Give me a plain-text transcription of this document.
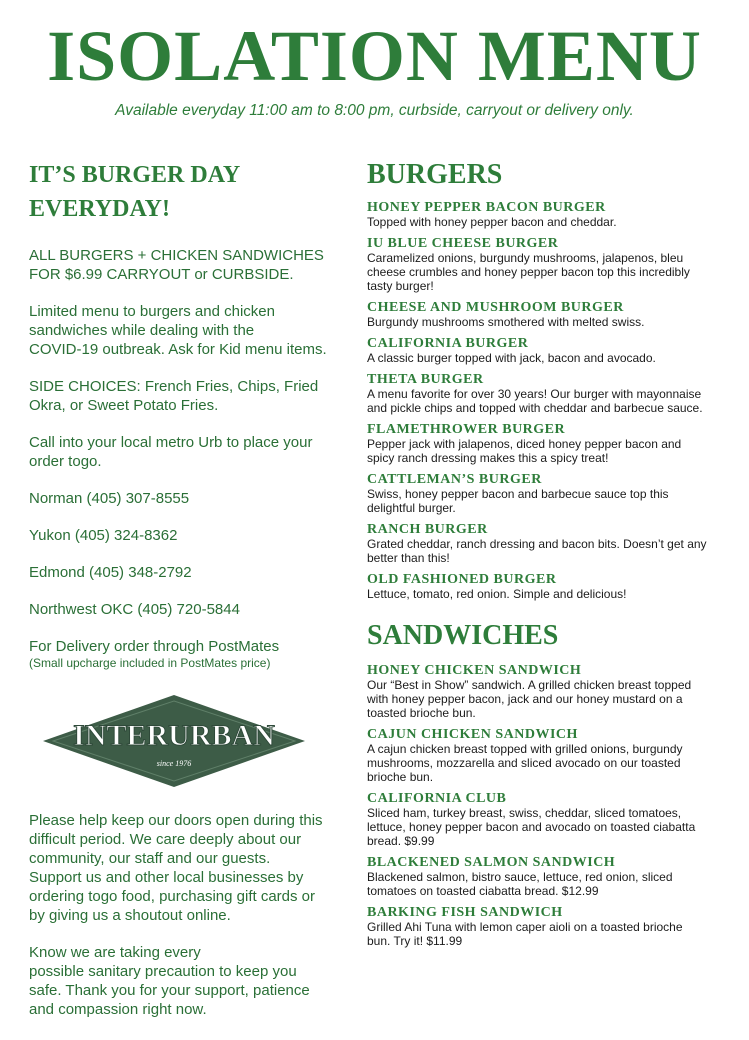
ISOLATION MENU
Available everyday 11:00 am to 8:00 pm, curbside, carryout or delivery only.
IT’S BURGER DAY
EVERYDAY!

ALL BURGERS + CHICKEN SANDWICHES
FOR $6.99 CARRYOUT or CURBSIDE.

Limited menu to burgers and chicken
sandwiches while dealing with the
COVID-19 outbreak. Ask for Kid menu items.

SIDE CHOICES: French Fries, Chips, Fried
Okra, or Sweet Potato Fries.

Call into your local metro Urb to place your
order togo.

Norman (405) 307-8555

Yukon (405) 324-8362

Edmond (405) 348-2792

Northwest OKC (405) 720-5844

For Delivery order through PostMates

(Small upcharge included in PostMates price)

INTERURBAN
since 1976

Please help keep our doors open during this
difficult period. We care deeply about our
community, our staff and our guests.
Support us and other local businesses by
ordering togo food, purchasing gift cards or
by giving us a shoutout online.

Know we are taking every
possible sanitary precaution to keep you
safe. Thank you for your support, patience
and compassion right now.

BURGERS
HONEY PEPPER BACON BURGER
Topped with honey pepper bacon and cheddar.
IU BLUE CHEESE BURGER
Caramelized onions, burgundy mushrooms, jalapenos, bleu cheese crumbles and honey pepper bacon top this incredibly tasty burger!
CHEESE AND MUSHROOM BURGER
Burgundy mushrooms smothered with melted swiss.
CALIFORNIA BURGER
A classic burger topped with jack, bacon and avocado.
THETA BURGER
A menu favorite for over 30 years! Our burger with mayonnaise and pickle chips and topped with cheddar and barbecue sauce.
FLAMETHROWER BURGER
Pepper jack with jalapenos, diced honey pepper bacon and spicy ranch dressing makes this a spicy treat!
CATTLEMAN’S BURGER
Swiss, honey pepper bacon and barbecue sauce top this delightful burger.
RANCH BURGER
Grated cheddar, ranch dressing and bacon bits. Doesn’t get any better than this!
OLD FASHIONED BURGER
Lettuce, tomato, red onion. Simple and delicious!
SANDWICHES
HONEY CHICKEN SANDWICH
Our “Best in Show” sandwich. A grilled chicken breast topped with honey pepper bacon, jack and our honey mustard on a toasted brioche bun.
CAJUN CHICKEN SANDWICH
A cajun chicken breast topped with grilled onions, burgundy mushrooms, mozzarella and sliced avocado on our toasted brioche bun.
CALIFORNIA CLUB
Sliced ham, turkey breast, swiss, cheddar, sliced tomatoes, lettuce, honey pepper bacon and avocado on toasted ciabatta bread. $9.99
BLACKENED SALMON SANDWICH
Blackened salmon, bistro sauce, lettuce, red onion, sliced tomatoes on toasted ciabatta bread. $12.99
BARKING FISH SANDWICH
Grilled Ahi Tuna with lemon caper aioli on a toasted brioche bun. Try it! $11.99
